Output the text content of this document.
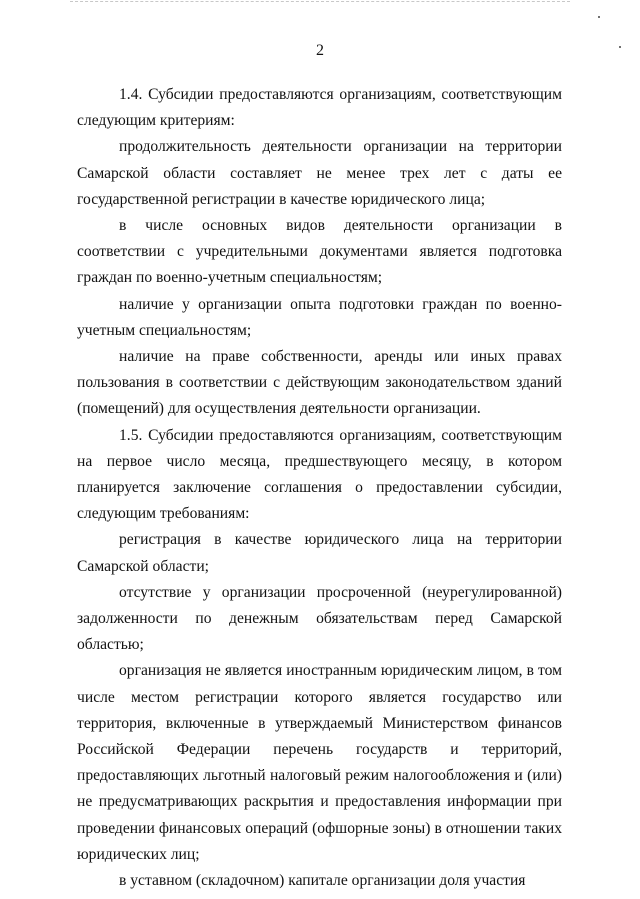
2

1.4. Субсидии предоставляются организациям, соответствующим следующим критериям:

продолжительность деятельности организации на территории Самарской области составляет не менее трех лет с даты ее государственной регистрации в качестве юридического лица;

в числе основных видов деятельности организации в соответствии с учредительными документами является подготовка граждан по военно-учетным специальностям;

наличие у организации опыта подготовки граждан по военно-учетным специальностям;

наличие на праве собственности, аренды или иных правах пользования в соответствии с действующим законодательством зданий (помещений) для осуществления деятельности организации.

1.5. Субсидии предоставляются организациям, соответствующим на первое число месяца, предшествующего месяцу, в котором планируется заключение соглашения о предоставлении субсидии, следующим требованиям:

регистрация в качестве юридического лица на территории Самарской области;

отсутствие у организации просроченной (неурегулированной) задолженности по денежным обязательствам перед Самарской областью;

организация не является иностранным юридическим лицом, в том числе местом регистрации которого является государство или территория, включенные в утверждаемый Министерством финансов Российской Федерации перечень государств и территорий, предоставляющих льготный налоговый режим налогообложения и (или) не предусматривающих раскрытия и предоставления информации при проведении финансовых операций (офшорные зоны) в отношении таких юридических лиц;

в уставном (складочном) капитале организации доля участия
